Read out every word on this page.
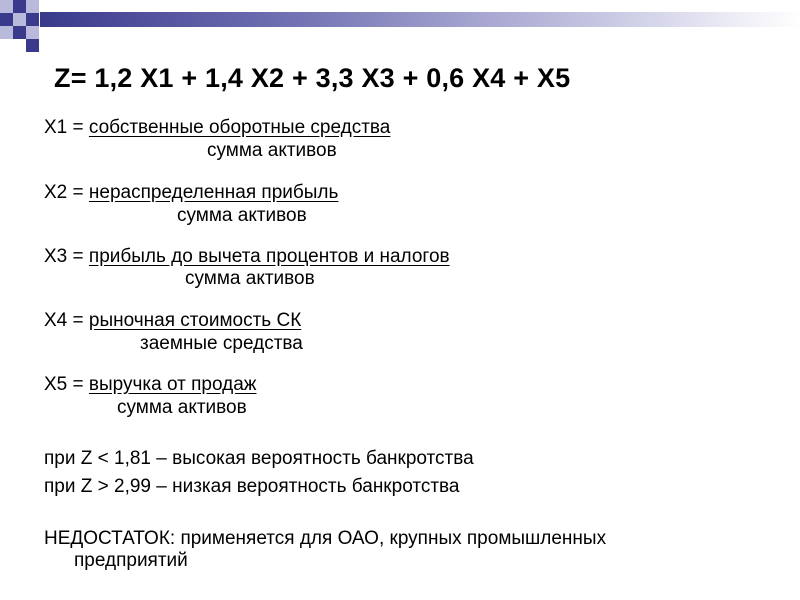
Z= 1,2 X1 + 1,4 X2 + 3,3 X3 + 0,6 X4 + X5
X1 = собственные оборотные средства
сумма активов
X2 = нераспределенная прибыль
сумма активов
X3 = прибыль до вычета процентов и налогов
сумма активов
X4 = рыночная стоимость СК
заемные средства
X5 = выручка от продаж
сумма активов
при Z < 1,81 – высокая вероятность банкротства
при Z > 2,99 – низкая вероятность банкротства
НЕДОСТАТОК: применяется для ОАО, крупных промышленных
предприятий
